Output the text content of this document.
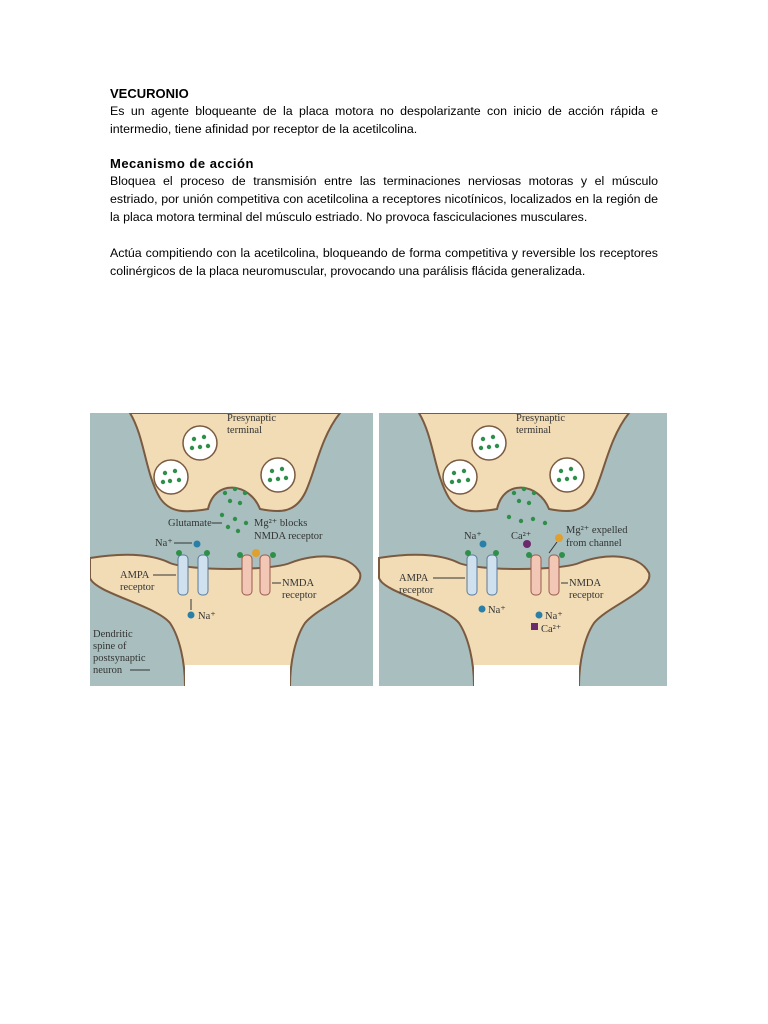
VECURONIO

Es un agente bloqueante de la placa motora no despolarizante con inicio de acción rápida e intermedio, tiene afinidad por receptor de la acetilcolina.

Mecanismo de acción

Bloquea el proceso de transmisión entre las terminaciones nerviosas motoras y el músculo estriado, por unión competitiva con acetilcolina a receptores nicotínicos, localizados en la región de la placa motora terminal del músculo estriado. No provoca fasciculaciones musculares.

Actúa compitiendo con la acetilcolina, bloqueando de forma competitiva y reversible los receptores colinérgicos de la placa neuromuscular, provocando una parálisis flácida generalizada.

Presynaptic
terminal
Glutamate
Na⁺
Mg²⁺ blocks
NMDA receptor
AMPA
receptor	NMDA
receptor
Na⁺
Dendritic
spine of
postsynaptic
neuron
Presynaptic
terminal
Na⁺	Ca²⁺
Mg²⁺ expelled
from channel
AMPA
receptor
NMDA
receptor
Na⁺
Na⁺
Ca²⁺
